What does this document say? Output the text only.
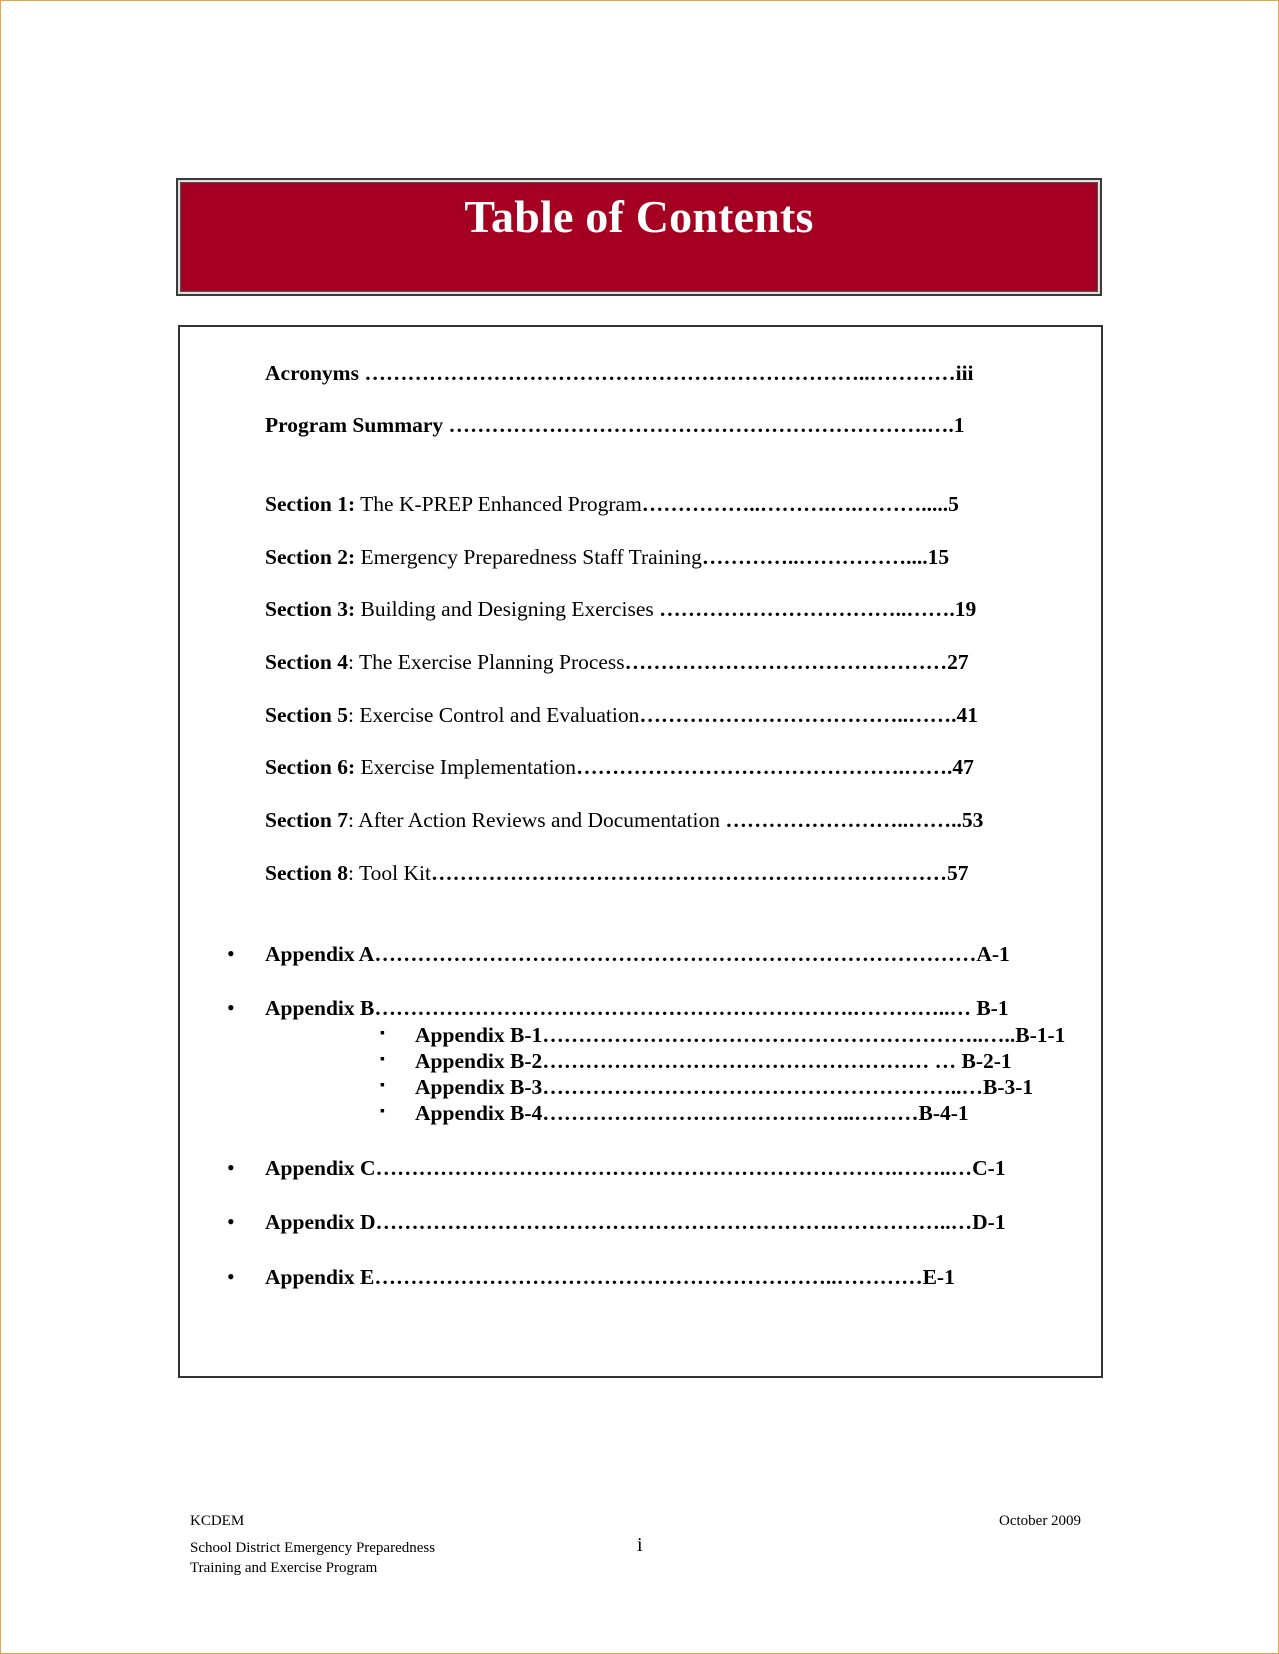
Table of Contents
Acronyms ……………………………………………………………..…………iii
Program Summary ………………………………………………………….….1
Section 1: The K-PREP Enhanced Program……………..……….….……….....5
Section 2: Emergency Preparedness Staff Training…………..……………....15
Section 3: Building and Designing Exercises ……………………………..…….19
Section 4: The Exercise Planning Process………………………………………27
Section 5: Exercise Control and Evaluation………………………………..…….41
Section 6: Exercise Implementation……………………………………….…….47
Section 7: After Action Reviews and Documentation ……………………..……..53
Section 8: Tool Kit………………………………………………………………57
• Appendix A…………………………………………………………………………A-1
• Appendix B………………………………………………………….…………..… B-1
▪ Appendix B-1……………………………………………………..…..B-1-1
▪ Appendix B-2……………………………………………… … B-2-1
▪ Appendix B-3…………………………………………………..…B-3-1
▪ Appendix B-4……………………………………..………B-4-1
• Appendix C……………………………………………………………….……..…C-1
• Appendix D……………………………………………………….……………..…D-1
• Appendix E………………………………………………………..…………E-1
KCDEM
School District Emergency Preparedness
Training and Exercise Program
i
October 2009
